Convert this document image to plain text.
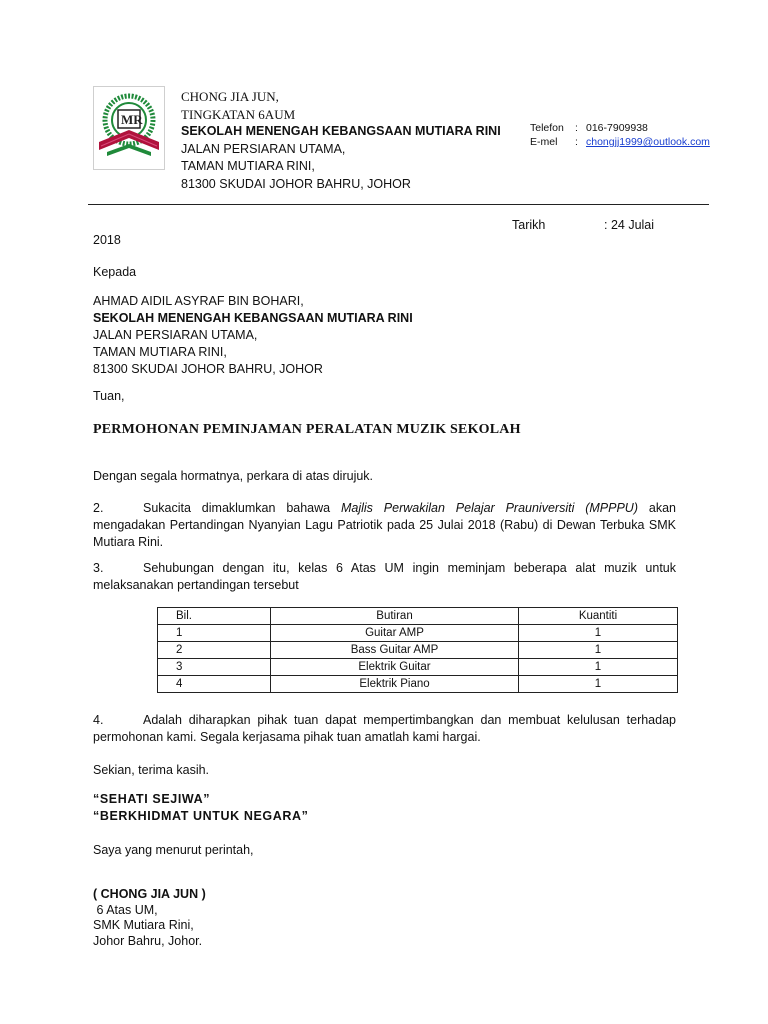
MR
CHONG JIA JUN,
TINGKATAN 6AUM
SEKOLAH MENENGAH KEBANGSAAN MUTIARA RINI
JALAN PERSIARAN UTAMA,
TAMAN MUTIARA RINI,
81300 SKUDAI JOHOR BAHRU, JOHOR
Telefon	: 016-7909938
E-mel	: chongjj1999@outlook.com
Tarikh	: 24 Julai
2018
Kepada
AHMAD AIDIL ASYRAF BIN BOHARI,
SEKOLAH MENENGAH KEBANGSAAN MUTIARA RINI
JALAN PERSIARAN UTAMA,
TAMAN MUTIARA RINI,
81300 SKUDAI JOHOR BAHRU, JOHOR
Tuan,
PERMOHONAN PEMINJAMAN PERALATAN MUZIK SEKOLAH
Dengan segala hormatnya, perkara di atas dirujuk.
2.	Sukacita dimaklumkan bahawa Majlis Perwakilan Pelajar Prauniversiti (MPPPU) akan mengadakan Pertandingan Nyanyian Lagu Patriotik pada 25 Julai 2018 (Rabu) di Dewan Terbuka SMK Mutiara Rini.
3.	Sehubungan dengan itu, kelas 6 Atas UM ingin meminjam beberapa alat muzik untuk melaksanakan pertandingan tersebut
Bil.	Butiran	Kuantiti
1	Guitar AMP	1
2	Bass Guitar AMP	1
3	Elektrik Guitar	1
4	Elektrik Piano	1
4.	Adalah diharapkan pihak tuan dapat mempertimbangkan dan membuat kelulusan terhadap permohonan kami. Segala kerjasama pihak tuan amatlah kami hargai.
Sekian, terima kasih.
“SEHATI SEJIWA”
“BERKHIDMAT UNTUK NEGARA”
Saya yang menurut perintah,
( CHONG JIA JUN )
6 Atas UM,
SMK Mutiara Rini,
Johor Bahru, Johor.
